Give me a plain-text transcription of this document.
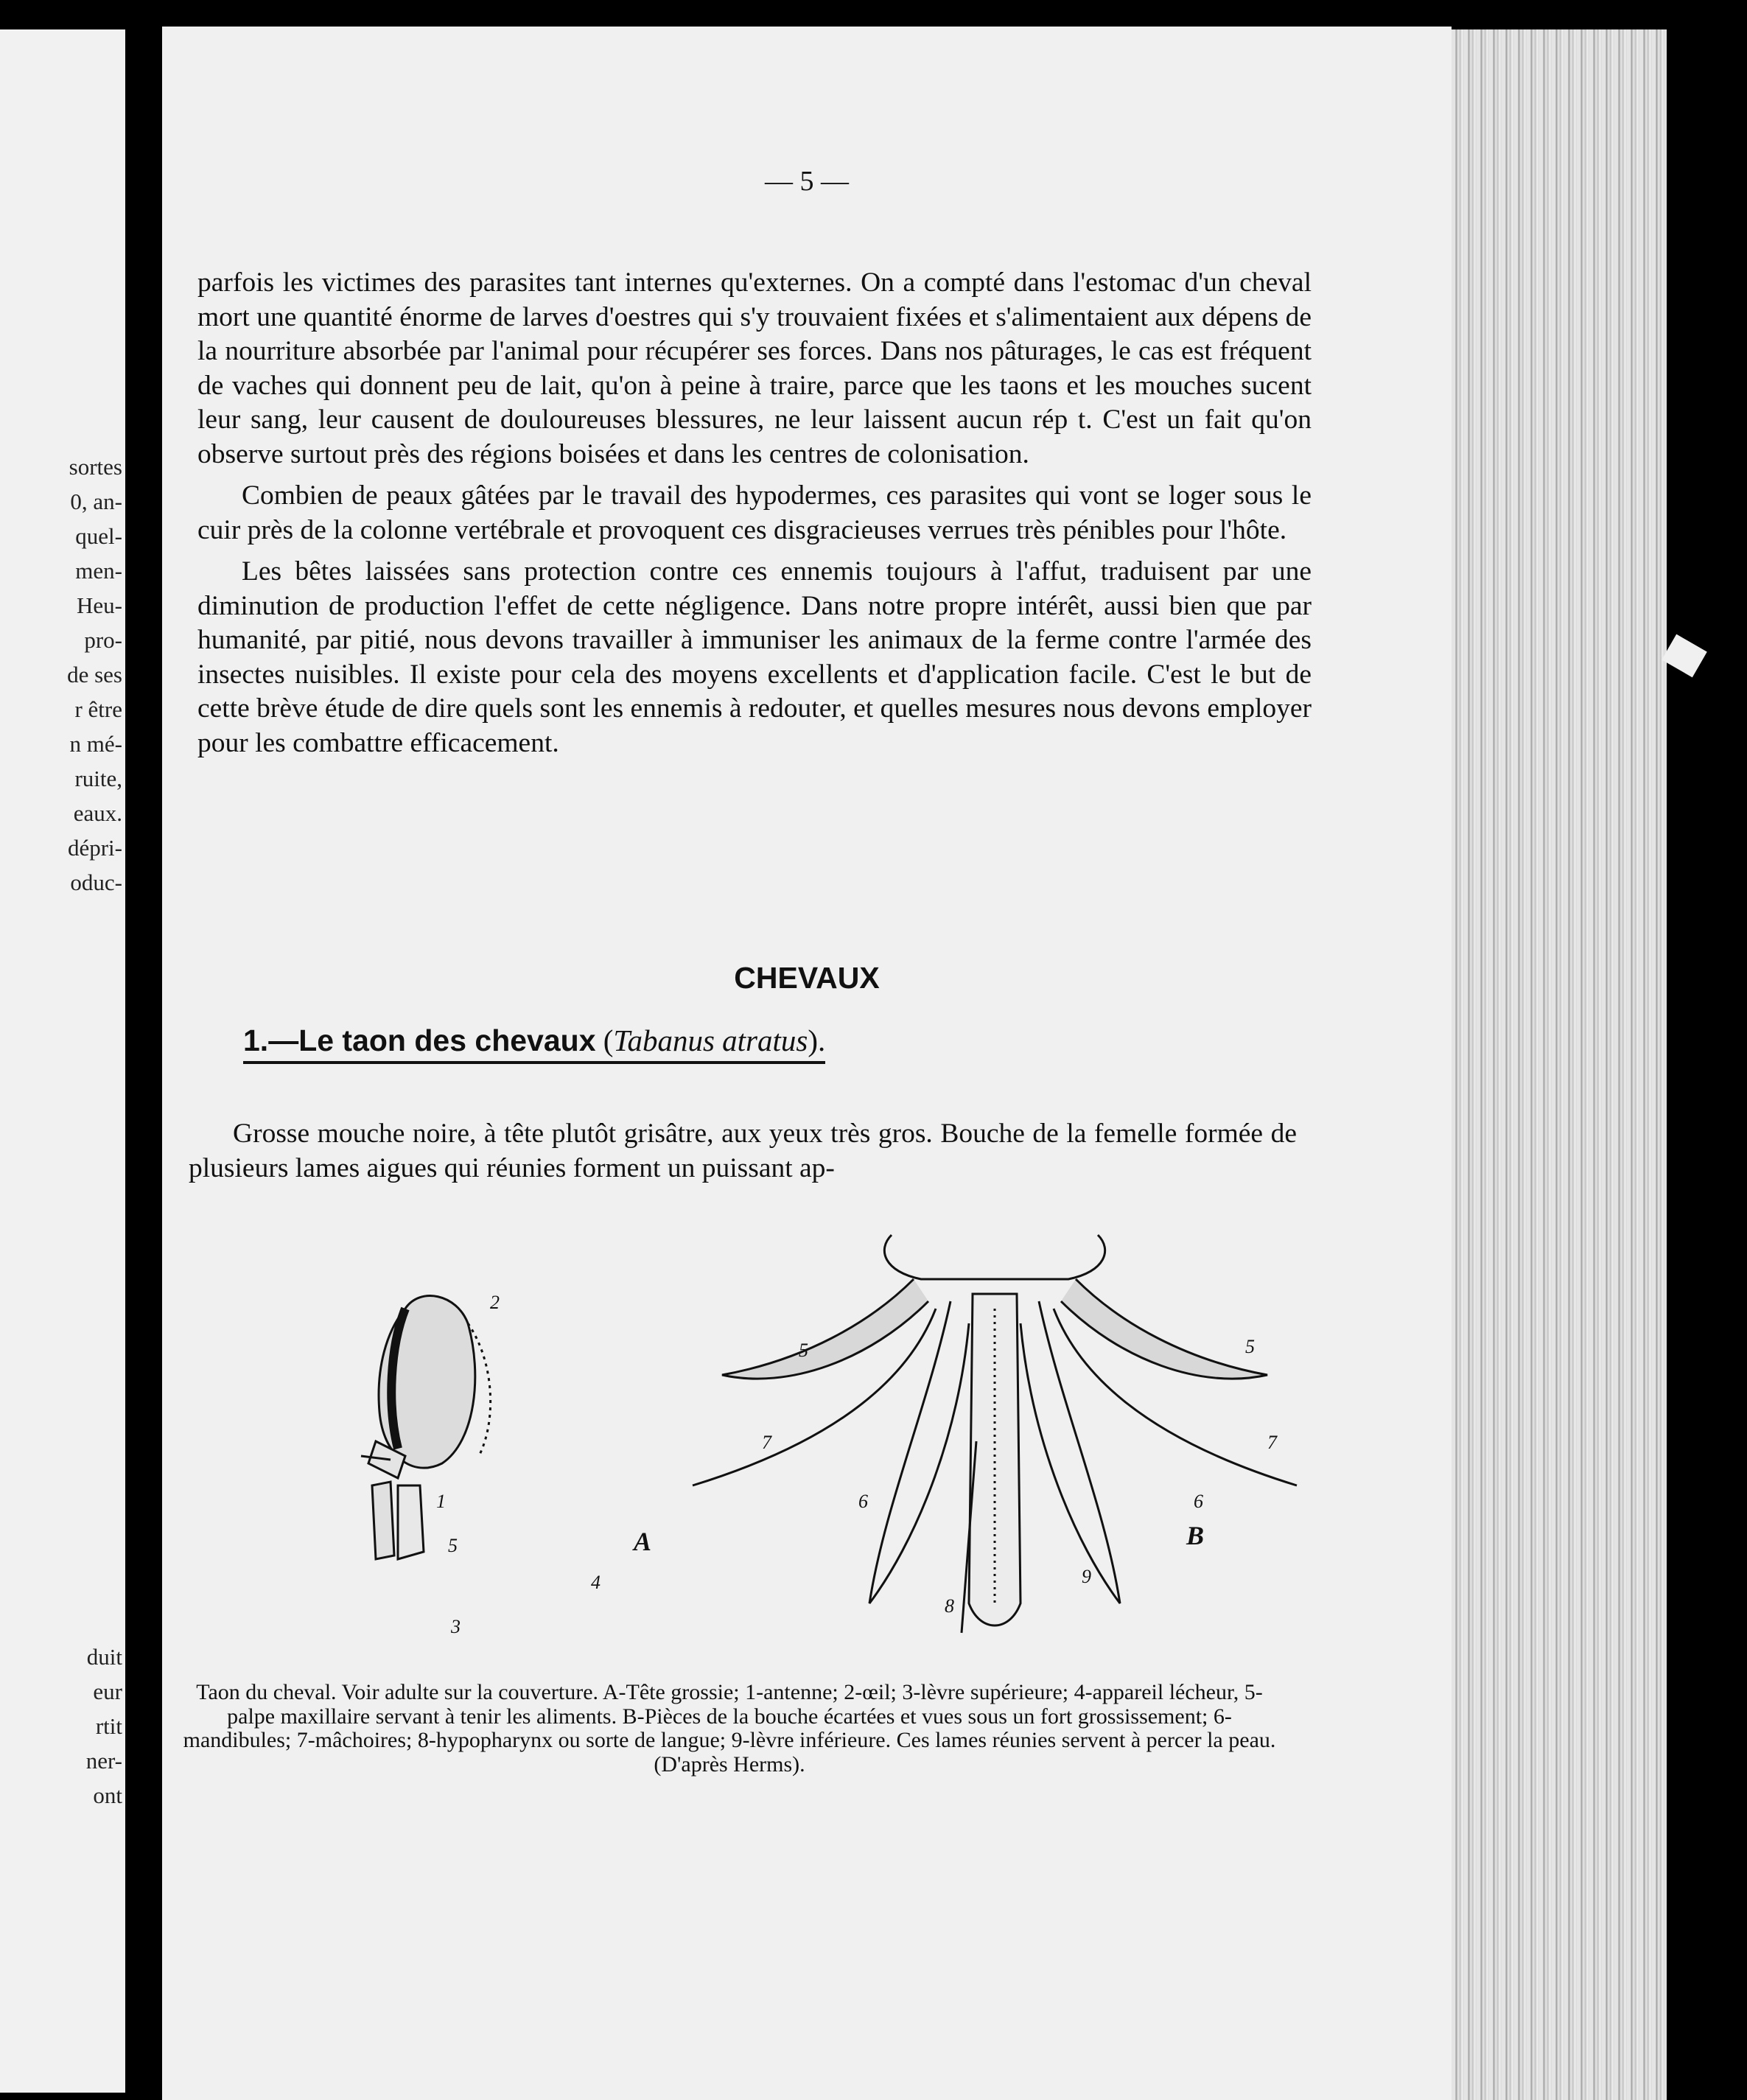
sortes
0, an-
quel-
men-
Heu-
pro-
de ses
r être
n mé-
ruite,
eaux.
dépri-
oduc-
duit
eur
rtit
ner-
ont
— 5 —

parfois les victimes des parasites tant internes qu'externes. On a compté dans l'estomac d'un cheval mort une quantité énorme de larves d'oestres qui s'y trouvaient fixées et s'alimentaient aux dépens de la nourriture absorbée par l'animal pour récupérer ses forces. Dans nos pâturages, le cas est fréquent de vaches qui donnent peu de lait, qu'on à peine à traire, parce que les taons et les mouches sucent leur sang, leur causent de douloureuses blessures, ne leur laissent aucun rép t. C'est un fait qu'on observe surtout près des régions boisées et dans les centres de colonisation.

Combien de peaux gâtées par le travail des hypodermes, ces parasites qui vont se loger sous le cuir près de la colonne vertébrale et provoquent ces disgracieuses verrues très pénibles pour l'hôte.

Les bêtes laissées sans protection contre ces ennemis toujours à l'affut, traduisent par une diminution de production l'effet de cette négligence. Dans notre propre intérêt, aussi bien que par humanité, par pitié, nous devons travailler à immuniser les animaux de la ferme contre l'armée des insectes nuisibles. Il existe pour cela des moyens excellents et d'application facile. C'est le but de cette brève étude de dire quels sont les ennemis à redouter, et quelles mesures nous devons employer pour les combattre efficacement.

CHEVAUX
1.—Le taon des chevaux (Tabanus atratus).

Grosse mouche noire, à tête plutôt grisâtre, aux yeux très gros. Bouche de la femelle formée de plusieurs lames aigues qui réunies forment un puissant ap-

2
1
5
3
4
A
5
7
6
8
9
5
7
6
B
Taon du cheval. Voir adulte sur la couverture. A-Tête grossie; 1-antenne; 2-œil; 3-lèvre supérieure; 4-appareil lécheur, 5-palpe maxillaire servant à tenir les aliments. B-Pièces de la bouche écartées et vues sous un fort grossissement; 6-mandibules; 7-mâchoires; 8-hypopharynx ou sorte de langue; 9-lèvre inférieure. Ces lames réunies servent à percer la peau. (D'après Herms).
